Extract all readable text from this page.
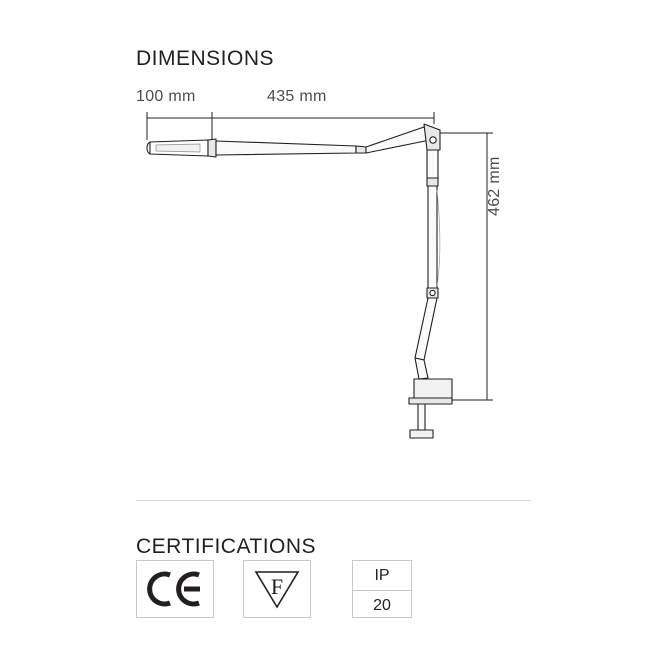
DIMENSIONS
100 mm	435 mm
462 mm
CERTIFICATIONS
F	IP
20
